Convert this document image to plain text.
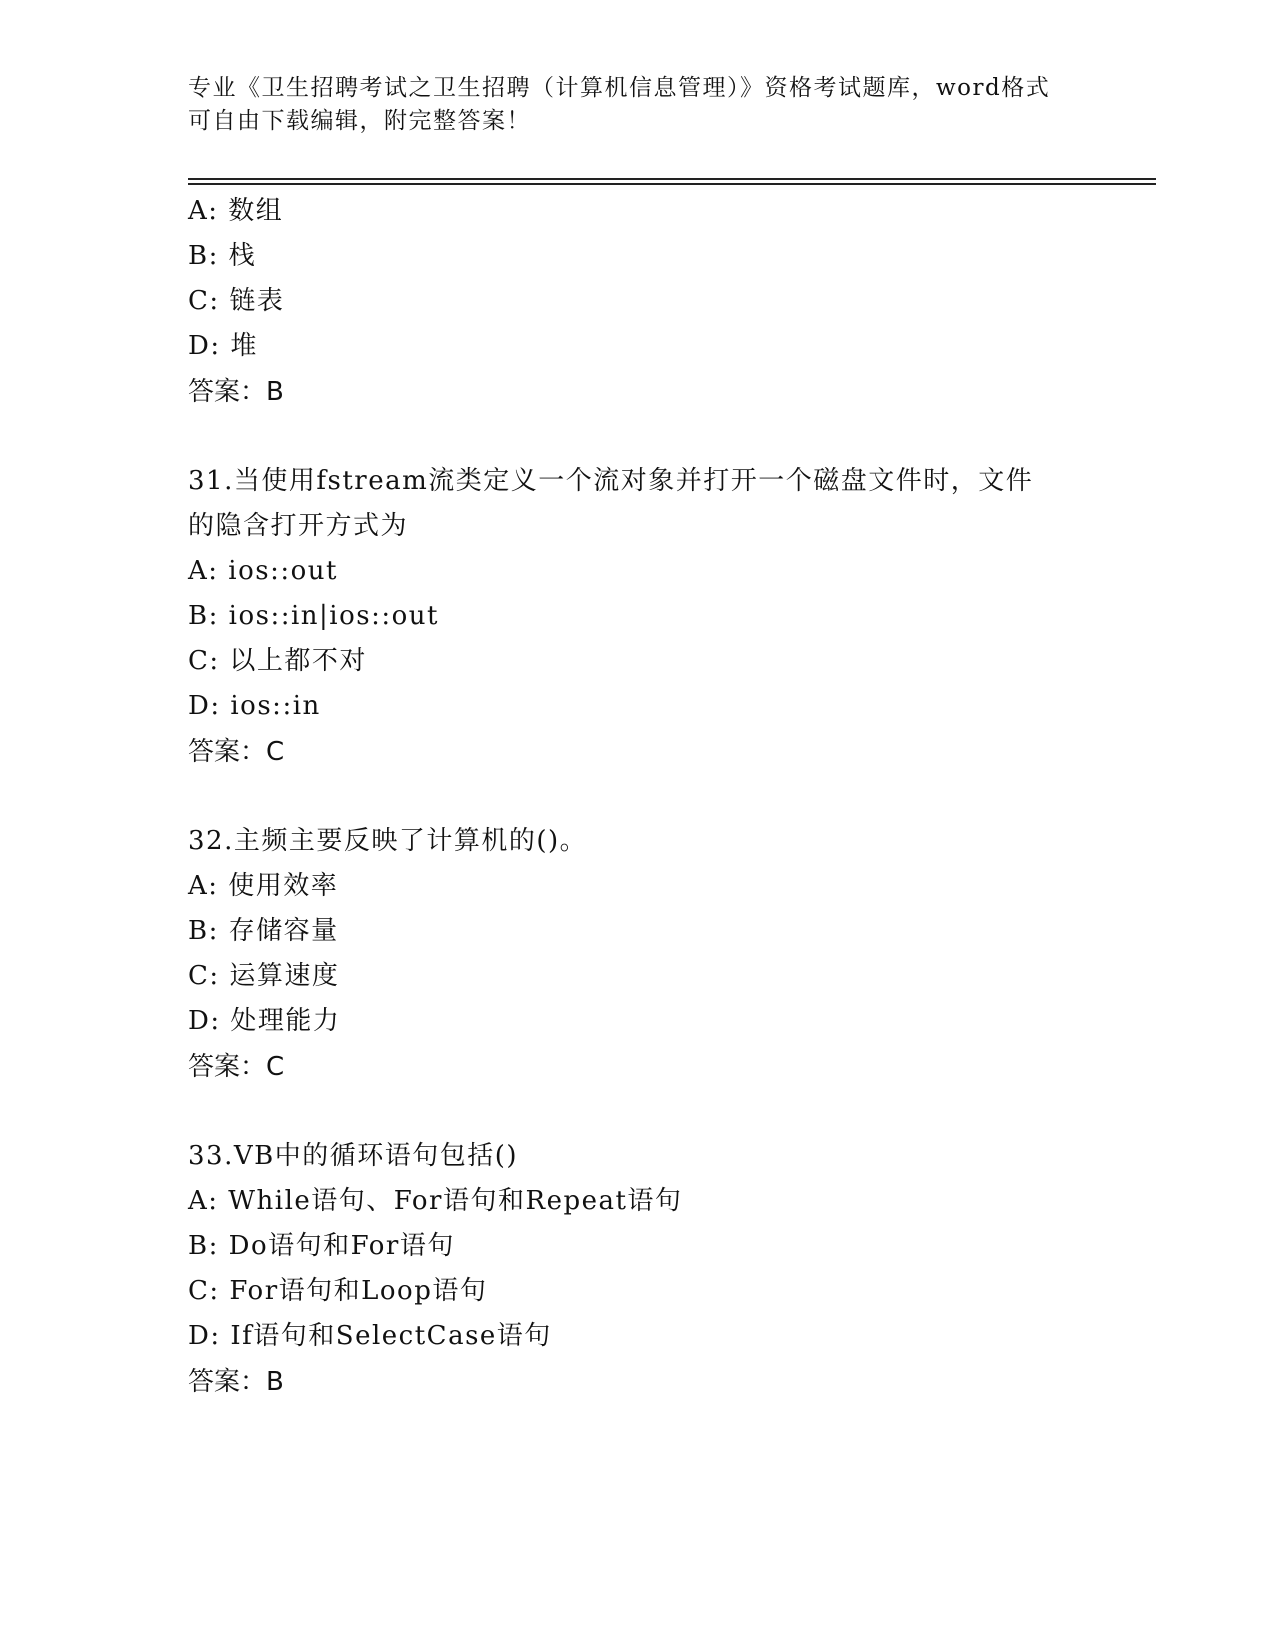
专业《卫生招聘考试之卫生招聘（计算机信息管理）》资格考试题库，word格式
可自由下载编辑，附完整答案！
A: 数组
B: 栈
C: 链表
D: 堆
答案：B
31.当使用fstream流类定义一个流对象并打开一个磁盘文件时，文件
的隐含打开方式为
A: ios::out
B: ios::in|ios::out
C: 以上都不对
D: ios::in
答案：C
32.主频主要反映了计算机的()。
A: 使用效率
B: 存储容量
C: 运算速度
D: 处理能力
答案：C
33.VB中的循环语句包括()
A: While语句、For语句和Repeat语句
B: Do语句和For语句
C: For语句和Loop语句
D: If语句和SelectCase语句
答案：B
